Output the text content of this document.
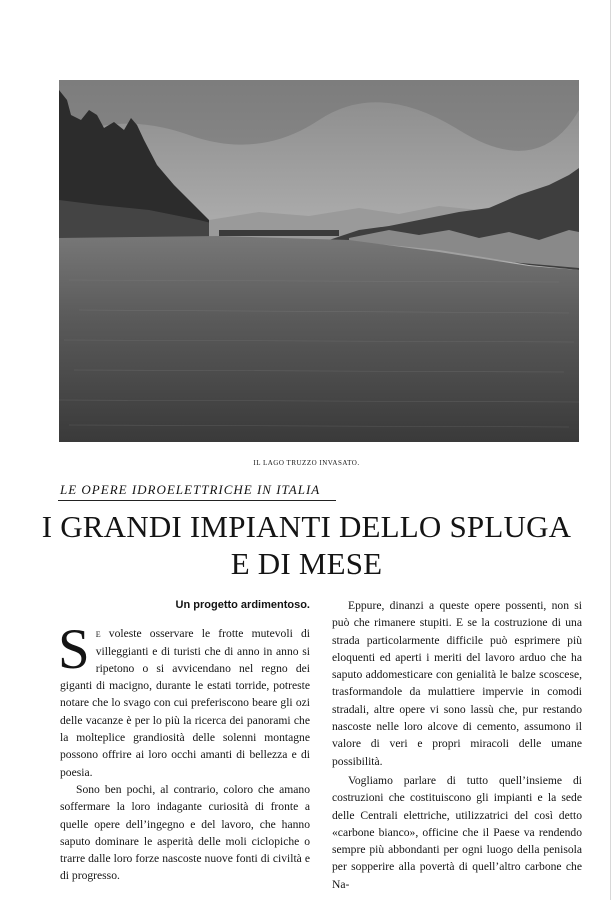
IL LAGO TRUZZO INVASATO.
LE OPERE IDROELETTRICHE IN ITALIA
I GRANDI IMPIANTI DELLO SPLUGA
E DI MESE

Un progetto ardimentoso.

Se voleste osservare le frotte mutevoli di villeggianti e di turisti che di anno in anno si ripetono o si avvicendano nel regno dei giganti di macigno, durante le estati torride, potreste notare che lo svago con cui preferiscono beare gli ozi delle vacanze è per lo più la ricerca dei panorami che la molteplice grandiosità delle solenni montagne possono offrire ai loro occhi amanti di bellezza e di poesia.

Sono ben pochi, al contrario, coloro che amano soffermare la loro indagante curiosità di fronte a quelle opere dell’ingegno e del lavoro, che hanno saputo dominare le asperità delle moli ciclopiche o trarre dalle loro forze nascoste nuove fonti di civiltà e di progresso.

Eppure, dinanzi a queste opere possenti, non si può che rimanere stupiti. E se la costruzione di una strada particolarmente difficile può esprimere più eloquenti ed aperti i meriti del lavoro arduo che ha saputo addomesticare con genialità le balze scoscese, trasformandole da mulattiere impervie in comodi stradali, altre opere vi sono lassù che, pur restando nascoste nelle loro alcove di cemento, assumono il valore di veri e propri miracoli delle umane possibilità.

Vogliamo parlare di tutto quell’insieme di costruzioni che costituiscono gli impianti e la sede delle Centrali elettriche, utilizzatrici del così detto «carbone bianco», officine che il Paese va rendendo sempre più abbondanti per ogni luogo della penisola per sopperire alla povertà di quell’altro carbone che Na-
